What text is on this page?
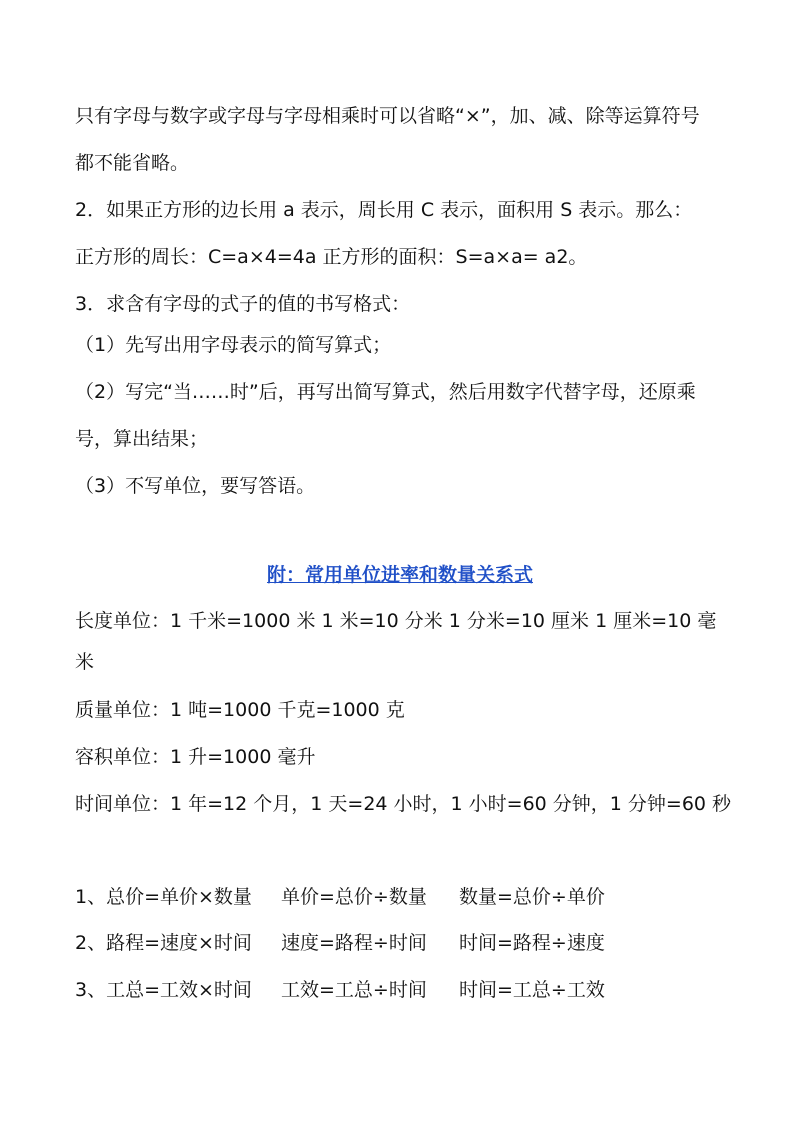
只有字母与数字或字母与字母相乘时可以省略“×”，加、减、除等运算符号
都不能省略。
2．如果正方形的边长用 a 表示，周长用 C 表示，面积用 S 表示。那么：
正方形的周长：C=a×4=4a 正方形的面积：S=a×a= a2。
3．求含有字母的式子的值的书写格式：
（1）先写出用字母表示的简写算式；
（2）写完“当……时”后，再写出简写算式，然后用数字代替字母，还原乘
号，算出结果；
（3）不写单位，要写答语。
附：常用单位进率和数量关系式
长度单位：1 千米=1000 米 1 米=10 分米 1 分米=10 厘米 1 厘米=10 毫
米
质量单位：1 吨=1000 千克=1000 克
容积单位：1 升=1000 毫升
时间单位：1 年=12 个月，1 天=24 小时，1 小时=60 分钟，1 分钟=60 秒
1、总价=单价×数量 单价=总价÷数量 数量=总价÷单价
2、路程=速度×时间 速度=路程÷时间 时间=路程÷速度
3、工总=工效×时间 工效=工总÷时间 时间=工总÷工效
